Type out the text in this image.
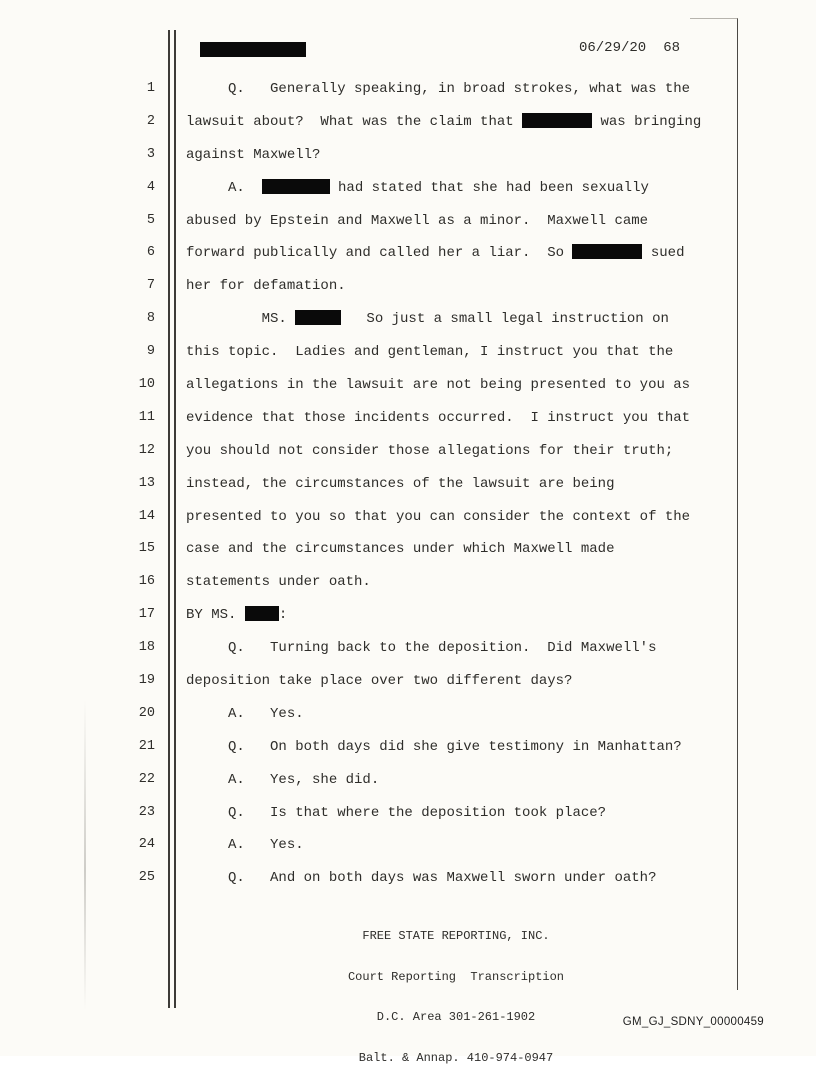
06/29/20 68
1 Q.   Generally speaking, in broad strokes, what was the
2 lawsuit about?  What was the claim that	was bringing
3 against Maxwell?
4 A.	had stated that she had been sexually
5 abused by Epstein and Maxwell as a minor.  Maxwell came
6 forward publically and called her a liar.  So	sued
7 her for defamation.
8 MS.	So just a small legal instruction on
9 this topic.  Ladies and gentleman, I instruct you that the
10 allegations in the lawsuit are not being presented to you as
11 evidence that those incidents occurred.  I instruct you that
12 you should not consider those allegations for their truth;
13 instead, the circumstances of the lawsuit are being
14 presented to you so that you can consider the context of the
15 case and the circumstances under which Maxwell made
16 statements under oath.
17 BY MS. :
18 Q.   Turning back to the deposition.  Did Maxwell's
19 deposition take place over two different days?
20 A.   Yes.
21 Q.   On both days did she give testimony in Manhattan?
22 A.   Yes, she did.
23 Q.   Is that where the deposition took place?
24 A.   Yes.
25 Q.   And on both days was Maxwell sworn under oath?

FREE STATE REPORTING, INC.

Court Reporting  Transcription

D.C. Area 301-261-1902

Balt. & Annap. 410-974-0947

GM_GJ_SDNY_00000459
